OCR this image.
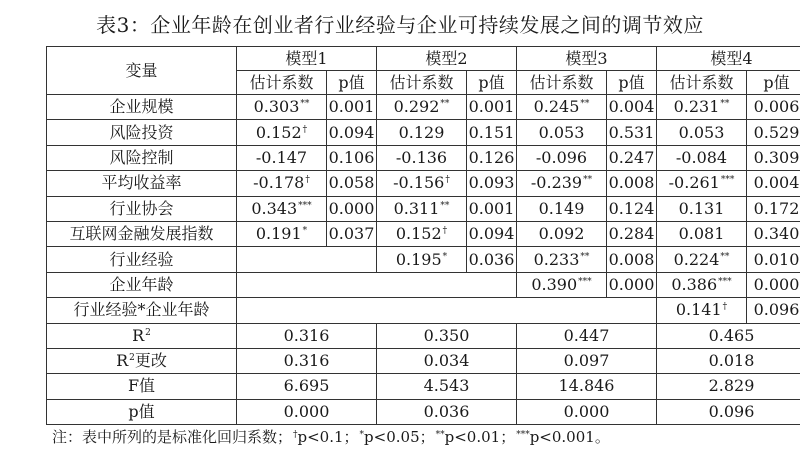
表3：企业年龄在创业者行业经验与企业可持续发展之间的调节效应
变量	模型1		模型2		模型3		模型4	
	估计系数	p值	估计系数	p值	估计系数	p值	估计系数	p值
企业规模	0.303**	0.001	0.292**	0.001	0.245**	0.004	0.231**	0.006
风险投资	0.152†	0.094	0.129	0.151	0.053	0.531	0.053	0.529
风险控制	-0.147	0.106	-0.136	0.126	-0.096	0.247	-0.084	0.309
平均收益率	-0.178†	0.058	-0.156†	0.093	-0.239**	0.008	-0.261***	0.004
行业协会	0.343***	0.000	0.311**	0.001	0.149	0.124	0.131	0.172
互联网金融发展指数	0.191*	0.037	0.152†	0.094	0.092	0.284	0.081	0.340
行业经验			0.195*	0.036	0.233**	0.008	0.224**	0.010
企业年龄					0.390***	0.000	0.386***	0.000
行业经验*企业年龄							0.141†	0.096
$R^2$	0.316		0.350		0.447		0.465	
$R^2$更改	0.316		0.034		0.097		0.018	
F值	6.695		4.543		14.846		2.829	
p值	0.000		0.036		0.000		0.096	
注：表中所列的是标准化回归系数；†p<0.1；*p<0.05；**p<0.01；***p<0.001。
